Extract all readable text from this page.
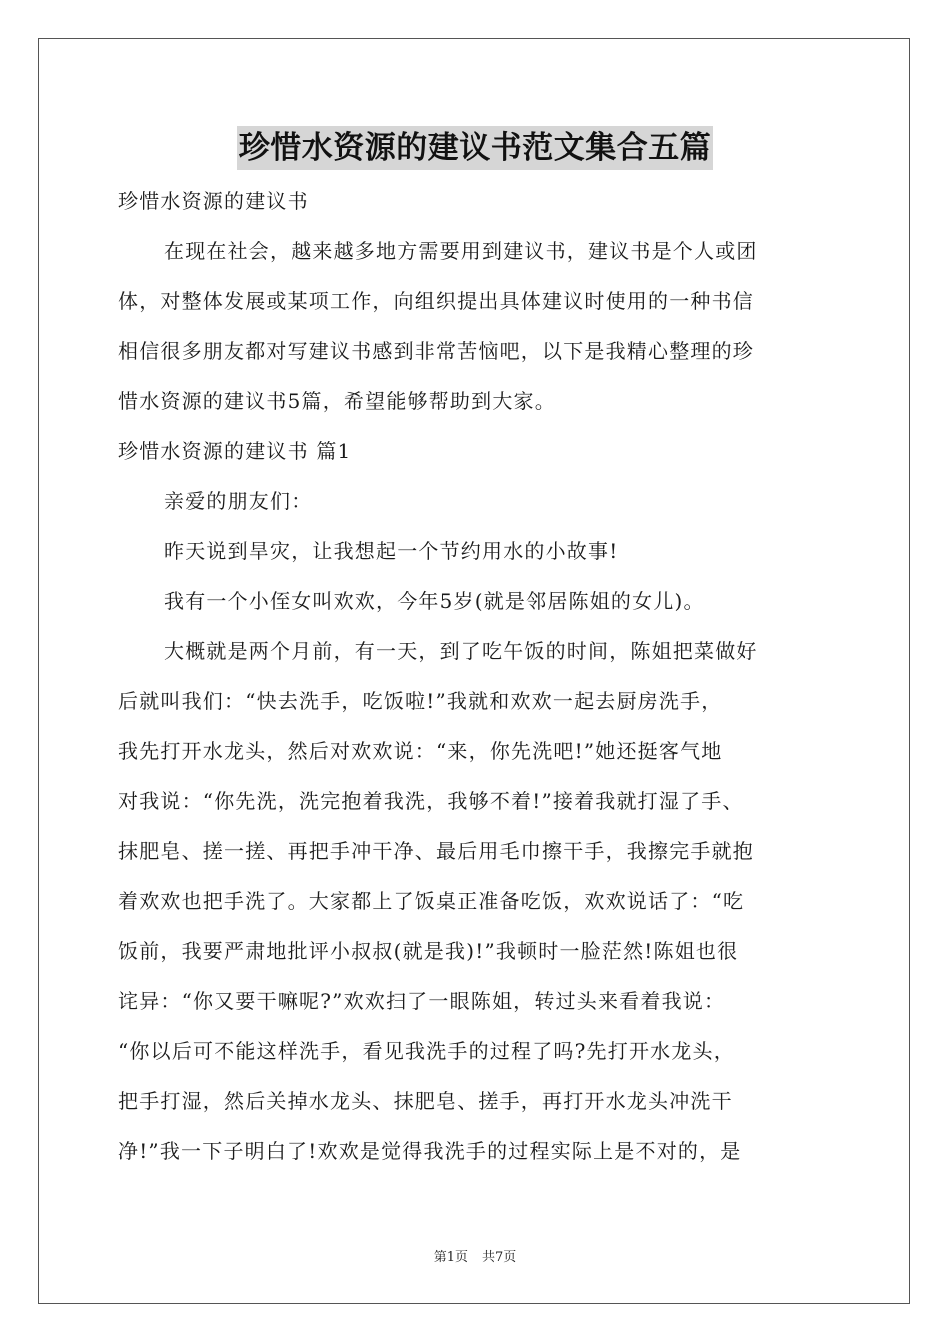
珍惜水资源的建议书范文集合五篇
珍惜水资源的建议书
在现在社会，越来越多地方需要用到建议书，建议书是个人或团
体，对整体发展或某项工作，向组织提出具体建议时使用的一种书信
相信很多朋友都对写建议书感到非常苦恼吧，以下是我精心整理的珍
惜水资源的建议书5篇，希望能够帮助到大家。
珍惜水资源的建议书 篇1
亲爱的朋友们：
昨天说到旱灾，让我想起一个节约用水的小故事!
我有一个小侄女叫欢欢，今年5岁(就是邻居陈姐的女儿)。
大概就是两个月前，有一天，到了吃午饭的时间，陈姐把菜做好
后就叫我们：“快去洗手，吃饭啦!”我就和欢欢一起去厨房洗手，
我先打开水龙头，然后对欢欢说：“来，你先洗吧!”她还挺客气地
对我说：“你先洗，洗完抱着我洗，我够不着!”接着我就打湿了手、
抹肥皂、搓一搓、再把手冲干净、最后用毛巾擦干手，我擦完手就抱
着欢欢也把手洗了。大家都上了饭桌正准备吃饭，欢欢说话了：“吃
饭前，我要严肃地批评小叔叔(就是我)!”我顿时一脸茫然!陈姐也很
诧异：“你又要干嘛呢?”欢欢扫了一眼陈姐，转过头来看着我说：
“你以后可不能这样洗手，看见我洗手的过程了吗?先打开水龙头，
把手打湿，然后关掉水龙头、抹肥皂、搓手，再打开水龙头冲洗干
净!”我一下子明白了!欢欢是觉得我洗手的过程实际上是不对的，是
第1页 共7页
